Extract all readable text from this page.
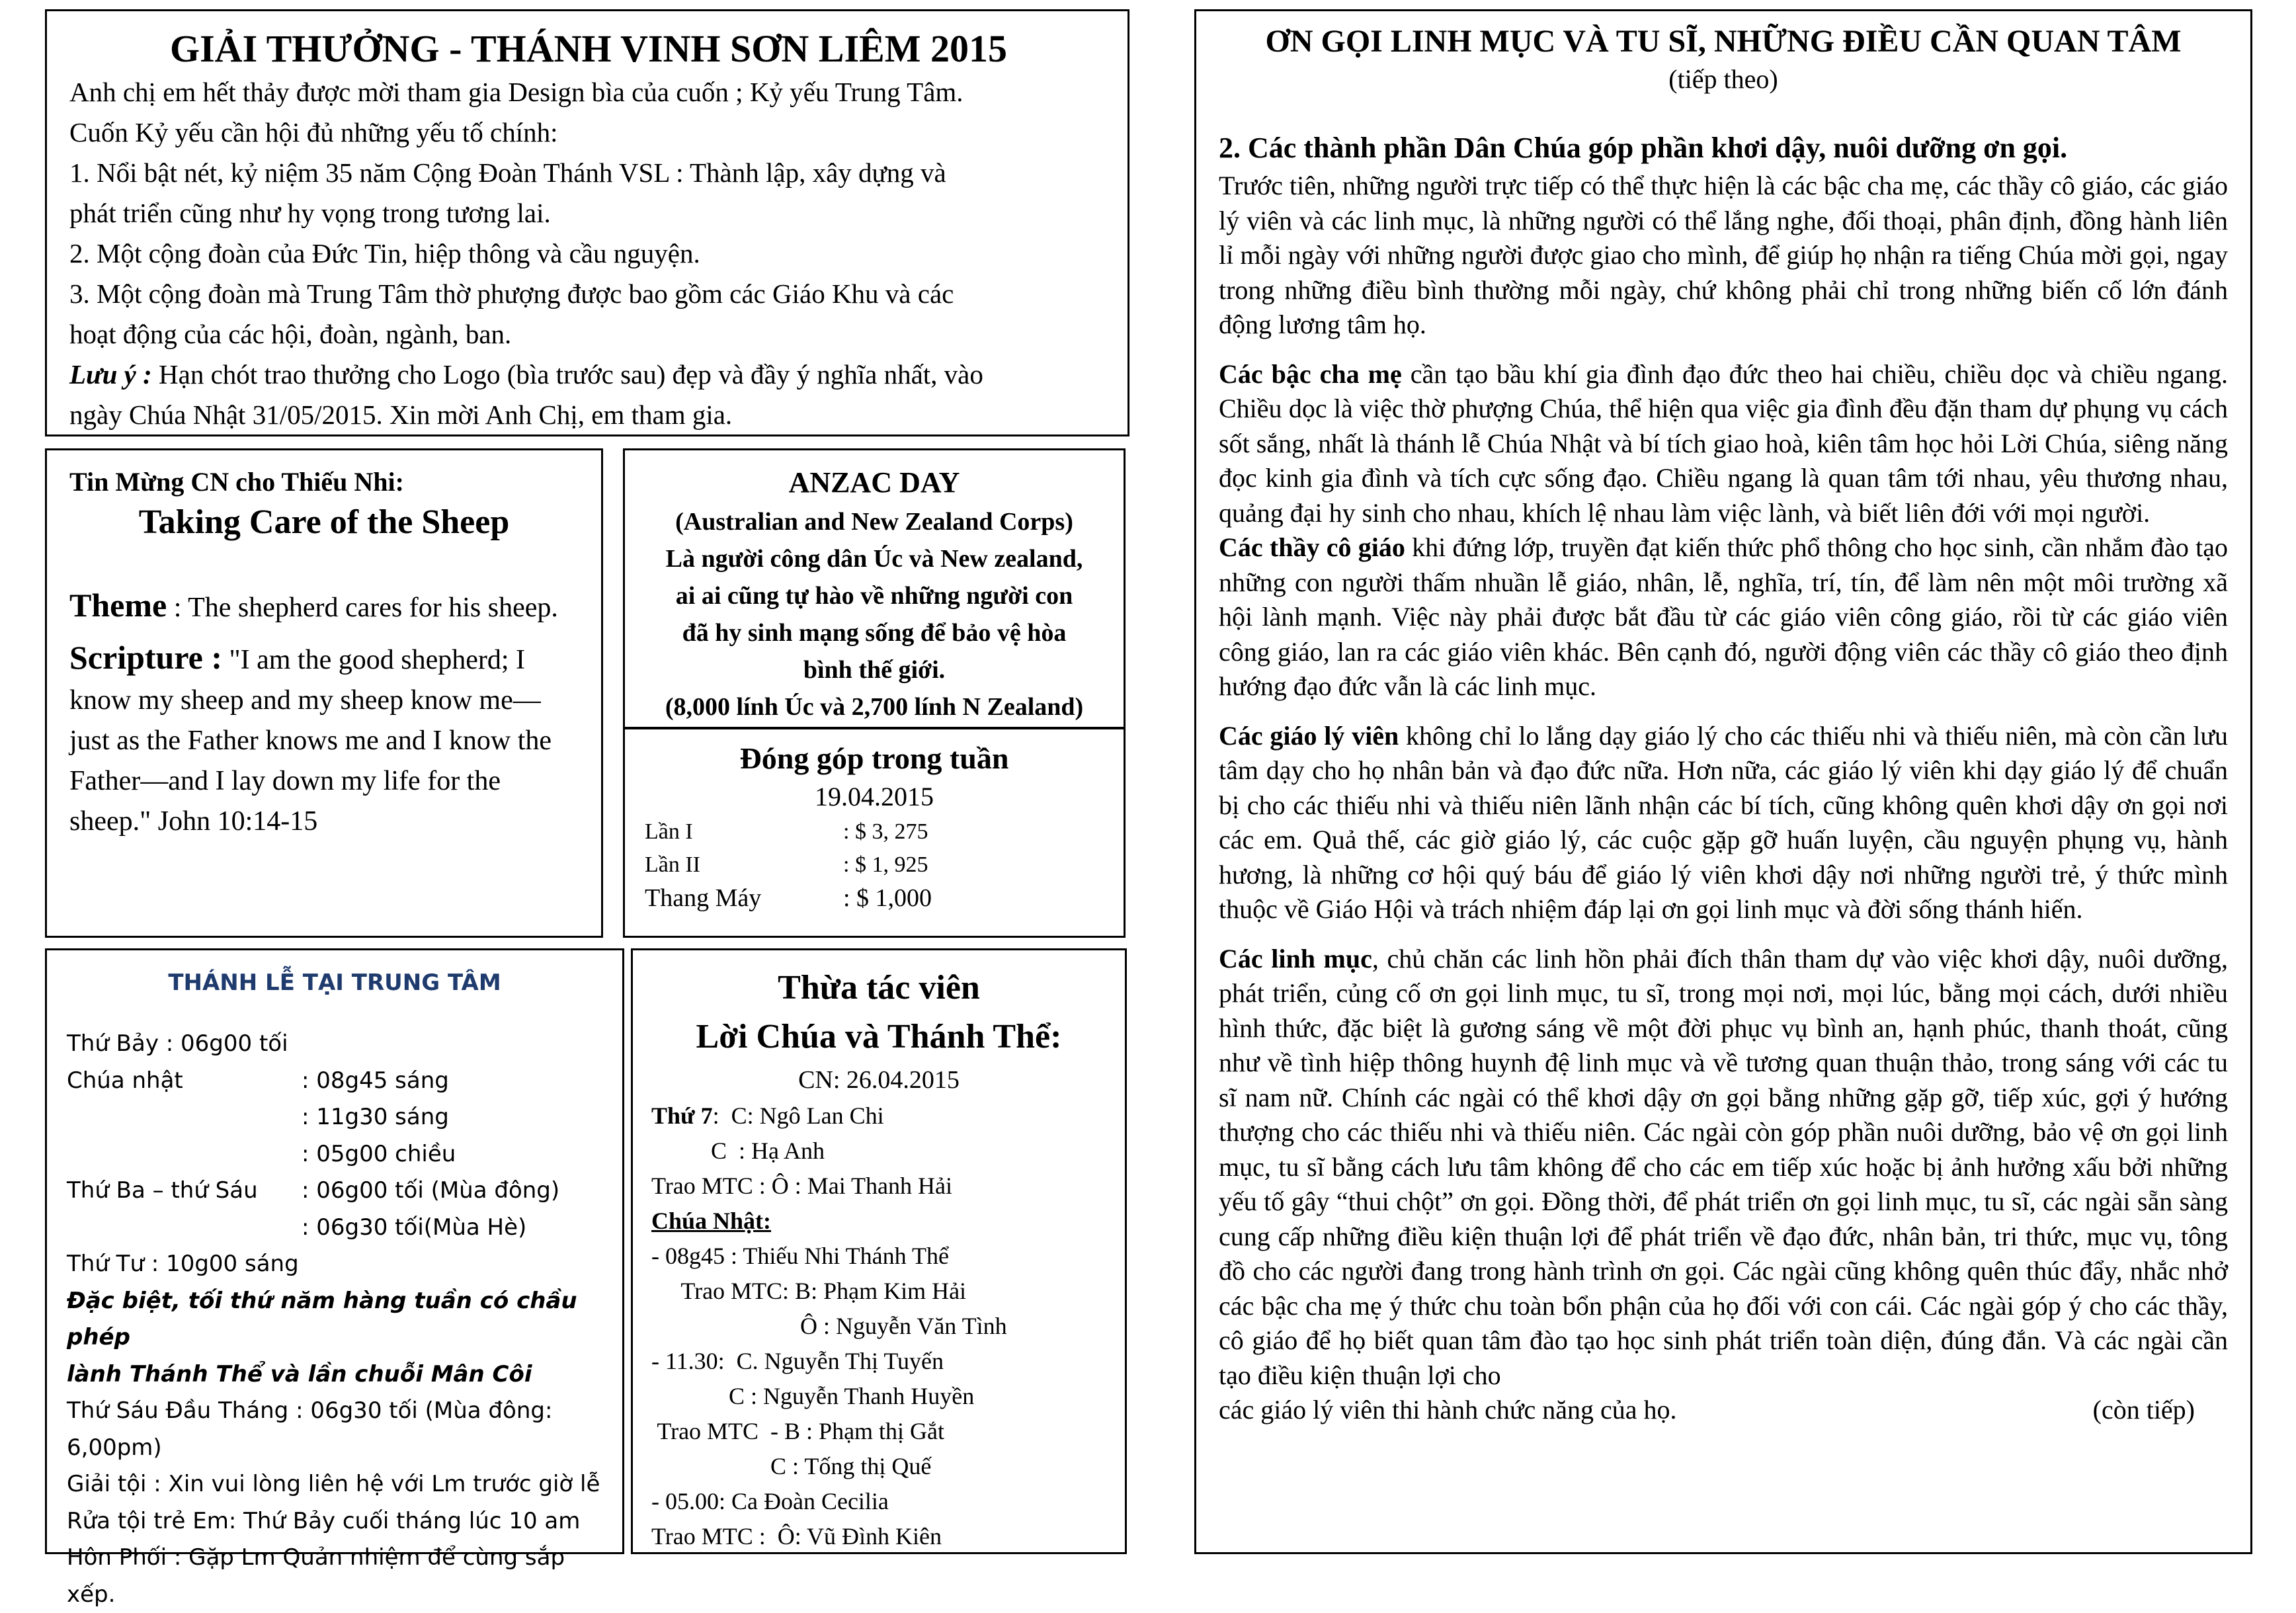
GIẢI THƯỞNG - THÁNH VINH SƠN LIÊM 2015

Anh chị em hết thảy được mời tham gia Design bìa của cuốn ; Kỷ yếu Trung Tâm.

Cuốn Kỷ yếu cần hội đủ những yếu tố chính:

1. Nổi bật nét, kỷ niệm 35 năm Cộng Đoàn Thánh VSL : Thành lập, xây dựng và

phát triển cũng như hy vọng trong tương lai.

2. Một cộng đoàn của Đức Tin, hiệp thông và cầu nguyện.

3. Một cộng đoàn mà Trung Tâm thờ phượng được bao gồm các Giáo Khu và các

hoạt động của các hội, đoàn, ngành, ban.

Lưu ý : Hạn chót trao thưởng cho Logo (bìa trước sau) đẹp và đầy ý nghĩa nhất, vào

ngày Chúa Nhật 31/05/2015. Xin mời Anh Chị, em tham gia.

Tin Mừng CN cho Thiếu Nhi:

Taking Care of the Sheep

Theme : The shepherd cares for his sheep.

Scripture : "I am the good shepherd; I know my sheep and my sheep know me— just as the Father knows me and I know the Father—and I lay down my life for the sheep." John 10:14-15

ANZAC DAY

(Australian and New Zealand Corps)

Là người công dân Úc và New zealand,

ai ai cũng tự hào về những người con

đã hy sinh mạng sống để bảo vệ hòa

bình thế giới.

(8,000 lính Úc và 2,700 lính N Zealand)

Đóng góp trong tuần

19.04.2015

Lần I	: $ 3, 275
Lần II	: $ 1, 925
Thang Máy	: $ 1,000

THÁNH LỄ TẠI TRUNG TÂM

Thứ Bảy : 06g00 tối

Chúa nhật	: 08g45 sáng
: 11g30 sáng
: 05g00 chiều
Thứ Ba – thứ Sáu	: 06g00 tối (Mùa đông)
: 06g30 tối(Mùa Hè)

Thứ Tư : 10g00 sáng

Đặc biệt, tối thứ năm hàng tuần có chầu phép

lành Thánh Thể và lần chuỗi Mân Côi

Thứ Sáu Đầu Tháng : 06g30 tối (Mùa đông:

6,00pm)

Giải tội : Xin vui lòng liên hệ với Lm trước giờ lễ

Rửa tội trẻ Em: Thứ Bảy cuối tháng lúc 10 am

Hôn Phối : Gặp Lm Quản nhiệm để cùng sắp xếp.

Thừa tác viên

Lời Chúa và Thánh Thể:

CN: 26.04.2015

Thứ 7:  C: Ngô Lan Chi

C  : Hạ Anh

Trao MTC : Ô : Mai Thanh Hải

Chúa Nhật:

- 08g45 : Thiếu Nhi Thánh Thể

Trao MTC: B: Phạm Kim Hải

Ô : Nguyễn Văn Tình

- 11.30:  C. Nguyễn Thị Tuyến

C : Nguyễn Thanh Huyền

Trao MTC  - B : Phạm thị Gắt

C : Tống thị Quế

- 05.00: Ca Đoàn Cecilia

Trao MTC :  Ô: Vũ Đình Kiên

ƠN GỌI LINH MỤC VÀ TU SĨ, NHỮNG ĐIỀU CẦN QUAN TÂM

(tiếp theo)

2. Các thành phần Dân Chúa góp phần khơi dậy, nuôi dưỡng ơn gọi.

Trước tiên, những người trực tiếp có thể thực hiện là các bậc cha mẹ, các thầy cô giáo, các giáo lý viên và các linh mục, là những người có thể lắng nghe, đối thoại, phân định, đồng hành liên lỉ mỗi ngày với những người được giao cho mình, để giúp họ nhận ra tiếng Chúa mời gọi, ngay trong những điều bình thường mỗi ngày, chứ không phải chỉ trong những biến cố lớn đánh động lương tâm họ.

Các bậc cha mẹ cần tạo bầu khí gia đình đạo đức theo hai chiều, chiều dọc và chiều ngang. Chiều dọc là việc thờ phượng Chúa, thể hiện qua việc gia đình đều đặn tham dự phụng vụ cách sốt sắng, nhất là thánh lễ Chúa Nhật và bí tích giao hoà, kiên tâm học hỏi Lời Chúa, siêng năng đọc kinh gia đình và tích cực sống đạo. Chiều ngang là quan tâm tới nhau, yêu thương nhau, quảng đại hy sinh cho nhau, khích lệ nhau làm việc lành, và biết liên đới với mọi người.

Các thầy cô giáo khi đứng lớp, truyền đạt kiến thức phổ thông cho học sinh, cần nhắm đào tạo những con người thấm nhuần lễ giáo, nhân, lễ, nghĩa, trí, tín, để làm nên một môi trường xã hội lành mạnh. Việc này phải được bắt đầu từ các giáo viên công giáo, rồi từ các giáo viên công giáo, lan ra các giáo viên khác. Bên cạnh đó, người động viên các thầy cô giáo theo định hướng đạo đức vẫn là các linh mục.

Các giáo lý viên không chỉ lo lắng dạy giáo lý cho các thiếu nhi và thiếu niên, mà còn cần lưu tâm dạy cho họ nhân bản và đạo đức nữa. Hơn nữa, các giáo lý viên khi dạy giáo lý để chuẩn bị cho các thiếu nhi và thiếu niên lãnh nhận các bí tích, cũng không quên khơi dậy ơn gọi nơi các em. Quả thế, các giờ giáo lý, các cuộc gặp gỡ huấn luyện, cầu nguyện phụng vụ, hành hương, là những cơ hội quý báu để giáo lý viên khơi dậy nơi những người trẻ, ý thức mình thuộc về Giáo Hội và trách nhiệm đáp lại ơn gọi linh mục và đời sống thánh hiến.

Các linh mục, chủ chăn các linh hồn phải đích thân tham dự vào việc khơi dậy, nuôi dưỡng, phát triển, củng cố ơn gọi linh mục, tu sĩ, trong mọi nơi, mọi lúc, bằng mọi cách, dưới nhiều hình thức, đặc biệt là gương sáng về một đời phục vụ bình an, hạnh phúc, thanh thoát, cũng như về tình hiệp thông huynh đệ linh mục và về tương quan thuận thảo, trong sáng với các tu sĩ nam nữ. Chính các ngài có thể khơi dậy ơn gọi bằng những gặp gỡ, tiếp xúc, gợi ý hướng thượng cho các thiếu nhi và thiếu niên. Các ngài còn góp phần nuôi dưỡng, bảo vệ ơn gọi linh mục, tu sĩ bằng cách lưu tâm không để cho các em tiếp xúc hoặc bị ảnh hưởng xấu bởi những yếu tố gây “thui chột” ơn gọi. Đồng thời, để phát triển ơn gọi linh mục, tu sĩ, các ngài sẵn sàng cung cấp những điều kiện thuận lợi để phát triển về đạo đức, nhân bản, tri thức, mục vụ, tông đồ cho các người đang trong hành trình ơn gọi. Các ngài cũng không quên thúc đẩy, nhắc nhở các bậc cha mẹ ý thức chu toàn bổn phận của họ đối với con cái. Các ngài góp ý cho các thầy, cô giáo để họ biết quan tâm đào tạo học sinh phát triển toàn diện, đúng đắn. Và các ngài cần tạo điều kiện thuận lợi cho

các giáo lý viên thi hành chức năng của họ.	(còn tiếp)
